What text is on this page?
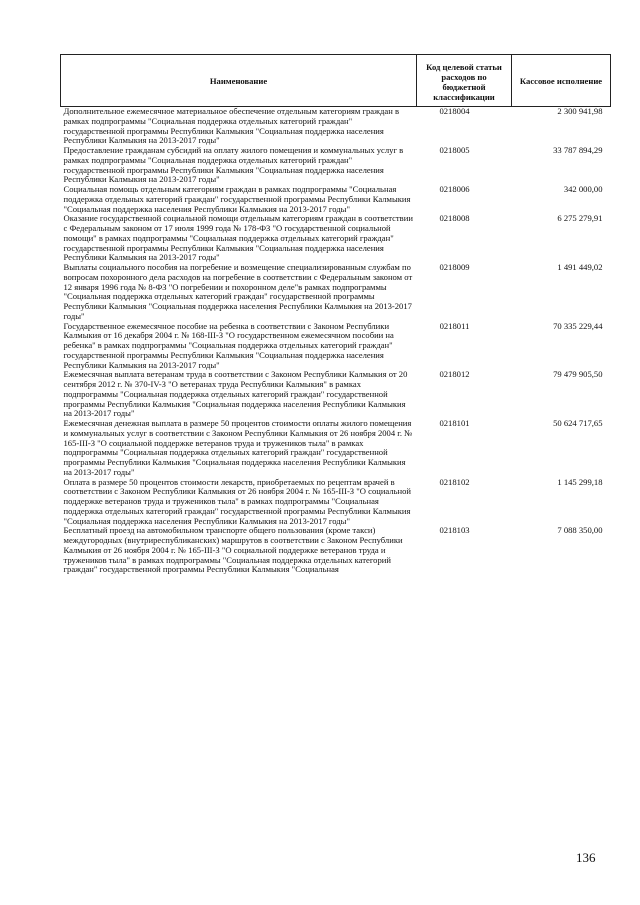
Наименование	Код целевой статьи расходов по бюджетной классификации	Кассовое исполнение
Дополнительное ежемесячное материальное обеспечение отдельным категориям граждан в рамках подпрограммы "Социальная поддержка отдельных категорий граждан" государственной программы Республики Калмыкия "Социальная поддержка населения Республики Калмыкия на 2013-2017 годы"	0218004	2 300 941,98
Предоставление гражданам субсидий на оплату жилого помещения и коммунальных услуг в рамках подпрограммы "Социальная поддержка отдельных категорий граждан" государственной программы Республики Калмыкия "Социальная поддержка населения Республики Калмыкия на 2013-2017 годы"	0218005	33 787 894,29
Социальная помощь отдельным категориям граждан в рамках подпрограммы "Социальная поддержка отдельных категорий граждан" государственной программы Республики Калмыкия "Социальная поддержка населения Республики Калмыкия на 2013-2017 годы"	0218006	342 000,00
Оказание государственной социальной помощи отдельным категориям граждан в соответствии с Федеральным законом от 17 июля 1999 года № 178-ФЗ "О государственной социальной помощи" в рамках подпрограммы "Социальная поддержка отдельных категорий граждан" государственной программы Республики Калмыкия "Социальная поддержка населения Республики Калмыкия на 2013-2017 годы"	0218008	6 275 279,91
Выплаты социального пособия на погребение и возмещение специализированным службам по вопросам похоронного дела расходов на погребение в соответствии с Федеральным законом от 12 января 1996 года № 8-ФЗ "О погребении и похоронном деле"в рамках подпрограммы "Социальная поддержка отдельных категорий граждан" государственной программы Республики Калмыкия "Социальная поддержка населения Республики Калмыкия на 2013-2017 годы"	0218009	1 491 449,02
Государственное ежемесячное пособие на ребенка в соответствии с Законом Республики Калмыкия от 16 декабря 2004 г. № 168-III-З "О государственном ежемесячном пособии на ребенка" в рамках подпрограммы "Социальная поддержка отдельных категорий граждан" государственной программы Республики Калмыкия "Социальная поддержка населения Республики Калмыкия на 2013-2017 годы"	0218011	70 335 229,44
Ежемесячная выплата ветеранам труда в соответствии с Законом Республики Калмыкия от 20 сентября 2012 г. № 370-IV-З "О ветеранах труда Республики Калмыкия" в рамках подпрограммы "Социальная поддержка отдельных категорий граждан" государственной программы Республики Калмыкия "Социальная поддержка населения Республики Калмыкия на 2013-2017 годы"	0218012	79 479 905,50
Ежемесячная денежная выплата в размере 50 процентов стоимости оплаты жилого помещения и коммунальных услуг в соответствии с Законом Республики Калмыкия от 26 ноября 2004 г. № 165-III-З "О социальной поддержке ветеранов труда и тружеников тыла" в рамках подпрограммы "Социальная поддержка отдельных категорий граждан" государственной программы Республики Калмыкия "Социальная поддержка населения Республики Калмыкия на 2013-2017 годы"	0218101	50 624 717,65
Оплата в размере 50 процентов стоимости лекарств, приобретаемых по рецептам врачей в соответствии с Законом Республики Калмыкия от 26 ноября 2004 г. № 165-III-З "О социальной поддержке ветеранов труда и тружеников тыла" в рамках подпрограммы "Социальная поддержка отдельных категорий граждан" государственной программы Республики Калмыкия "Социальная поддержка населения Республики Калмыкия на 2013-2017 годы"	0218102	1 145 299,18
Бесплатный проезд на автомобильном транспорте общего пользования (кроме такси) междугородных (внутриреспубликанских) маршрутов в соответствии с Законом Республики Калмыкия от 26 ноября 2004 г. № 165-III-З "О социальной поддержке ветеранов труда и тружеников тыла" в рамках подпрограммы "Социальная поддержка отдельных категорий граждан" государственной программы Республики Калмыкия "Социальная	0218103	7 088 350,00
136
